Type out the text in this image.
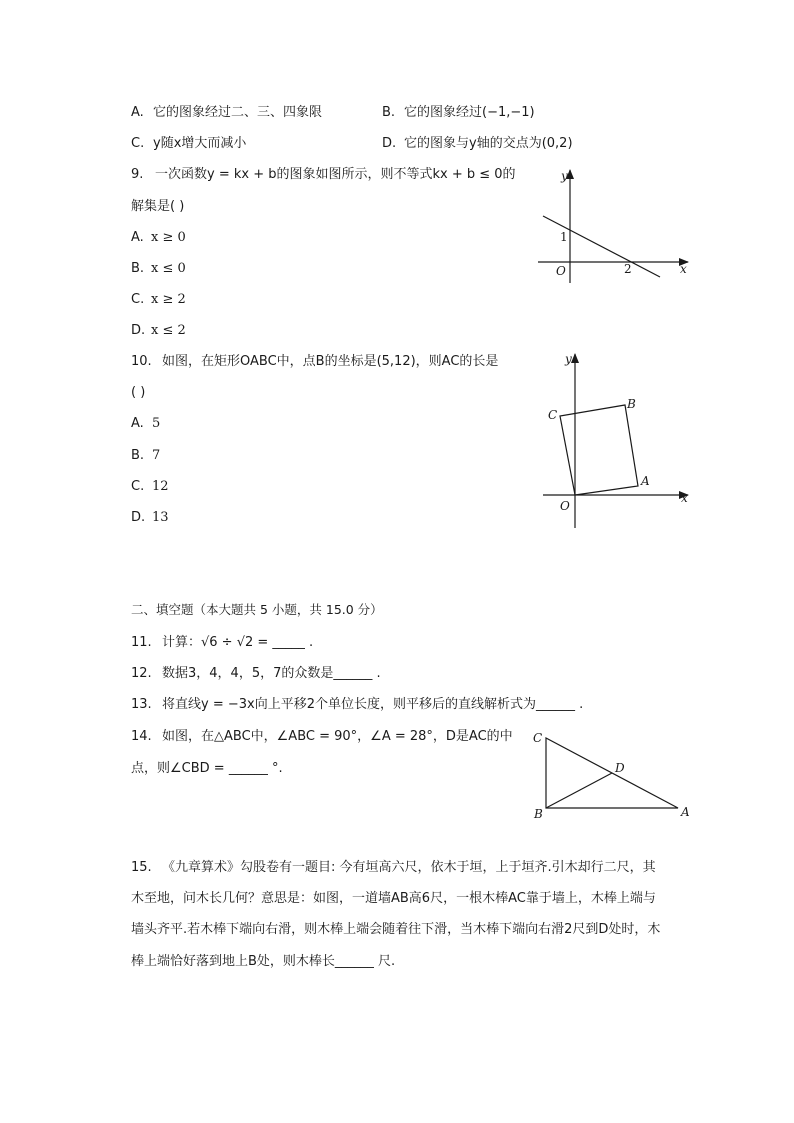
A. 它的图象经过二、三、四象限	B. 它的图象经过(−1,−1)
C. y随x增大而减小	D. 它的图象与y轴的交点为(0,2)
9. 一次函数y = kx + b的图象如图所示，则不等式kx + b ≤ 0的
解集是( )
A. x ≥ 0
B. x ≤ 0
C. x ≥ 2
D. x ≤ 2
y
x
O
1
2
10. 如图，在矩形OABC中，点B的坐标是(5,12)，则AC的长是
( )
A. 5
B. 7
C. 12
D. 13
y
x
O
A
B
C
二、填空题（本大题共 5 小题，共 15.0 分）
11. 计算：√6 ÷ √2 = _____ .
12. 数据3，4，4，5，7的众数是______ .
13. 将直线y = −3x向上平移2个单位长度，则平移后的直线解析式为______ .
14. 如图，在△ABC中，∠ABC = 90°，∠A = 28°，D是AC的中
点，则∠CBD = ______ °.
C
D
B	A
15. 《九章算术》勾股卷有一题目: 今有垣高六尺，依木于垣，上于垣齐.引木却行二尺，其
木至地，问木长几何？意思是：如图，一道墙AB高6尺，一根木棒AC靠于墙上，木棒上端与
墙头齐平.若木棒下端向右滑，则木棒上端会随着往下滑，当木棒下端向右滑2尺到D处时，木
棒上端恰好落到地上B处，则木棒长______ 尺.
